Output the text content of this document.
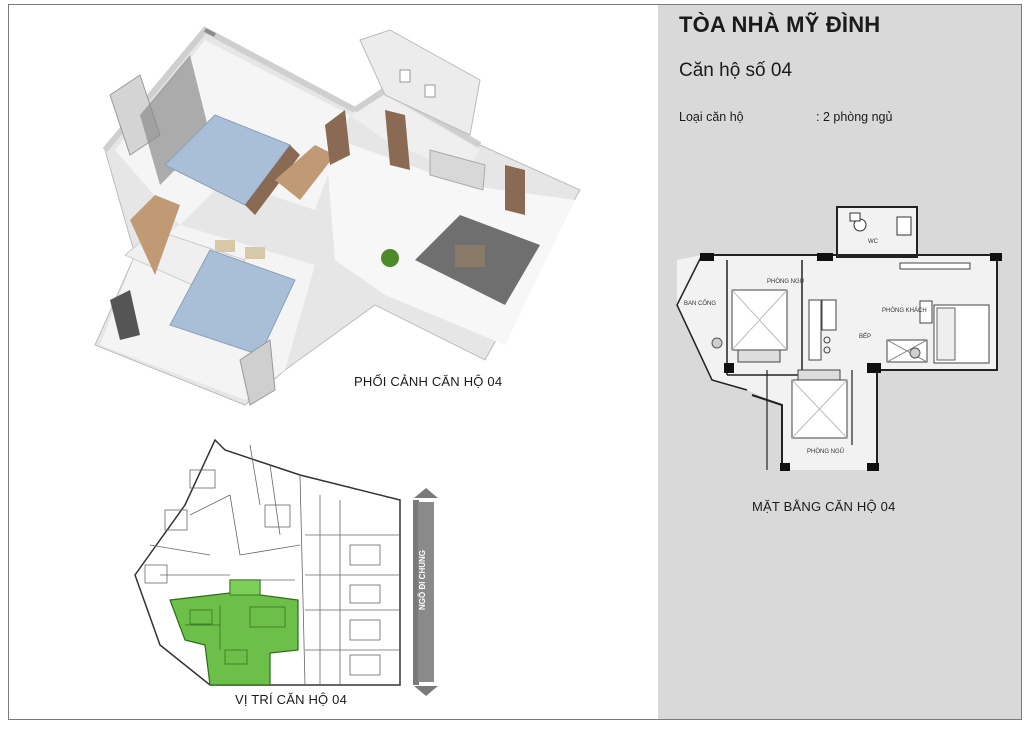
PHỐI CẢNH CĂN HỘ 04
VỊ TRÍ CĂN HỘ 04
TÒA NHÀ MỸ ĐÌNH
Căn hộ số 04
Loại căn hộ	: 2 phòng ngủ
WC
PHÒNG NGỦ
PHÒNG NGỦ
BAN CÔNG
PHÒNG KHÁCH
BẾP
MẶT BẰNG CĂN HỘ 04
